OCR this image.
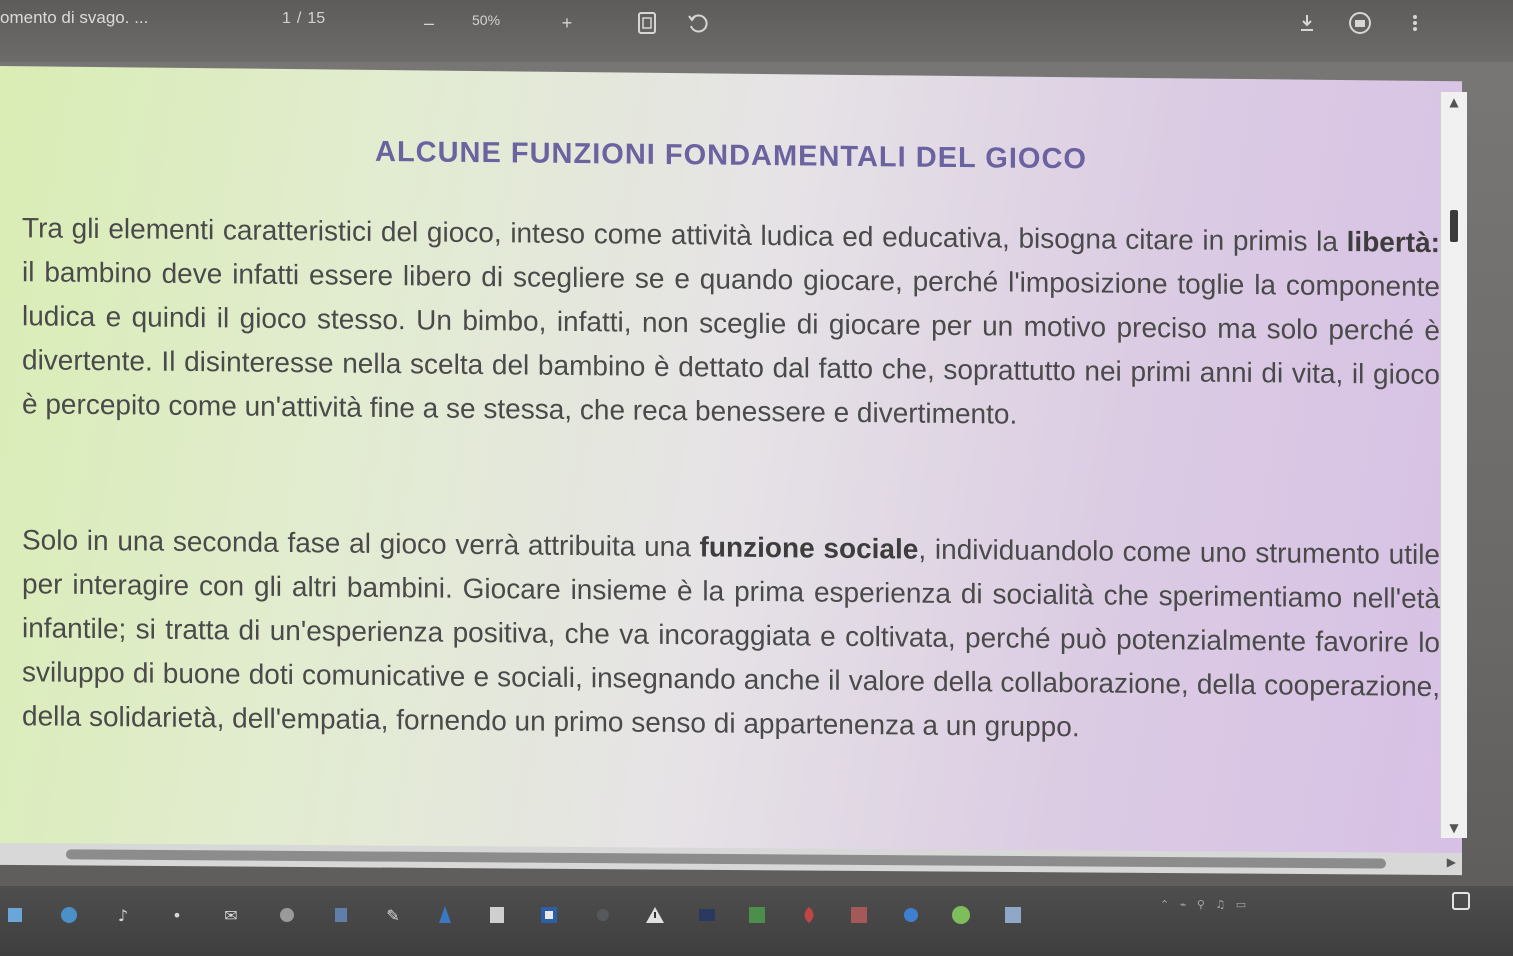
omento di svago. ...	1 / 15	–	50%	+
ALCUNE FUNZIONI FONDAMENTALI DEL GIOCO

Tra gli elementi caratteristici del gioco, inteso come attività ludica ed educativa, bisogna citare in primis la libertà: il bambino deve infatti essere libero di scegliere se e quando giocare, perché l'imposizione toglie la componente ludica e quindi il gioco stesso. Un bimbo, infatti, non sceglie di giocare per un motivo preciso ma solo perché è divertente. Il disinteresse nella scelta del bambino è dettato dal fatto che, soprattutto nei primi anni di vita, il gioco è percepito come un'attività fine a se stessa, che reca benessere e divertimento.

Solo in una seconda fase al gioco verrà attribuita una funzione sociale, individuandolo come uno strumento utile per interagire con gli altri bambini. Giocare insieme è la prima esperienza di socialità che sperimentiamo nell'età infantile; si tratta di un'esperienza positiva, che va incoraggiata e coltivata, perché può potenzialmente favorire lo sviluppo di buone doti comunicative e sociali, insegnando anche il valore della collaborazione, della cooperazione, della solidarietà, dell'empatia, fornendo un primo senso di appartenenza a un gruppo.

▲
▼
▶
♪	•	✉	✎
⌃   ⌁   ⚲   ♫   ▭
